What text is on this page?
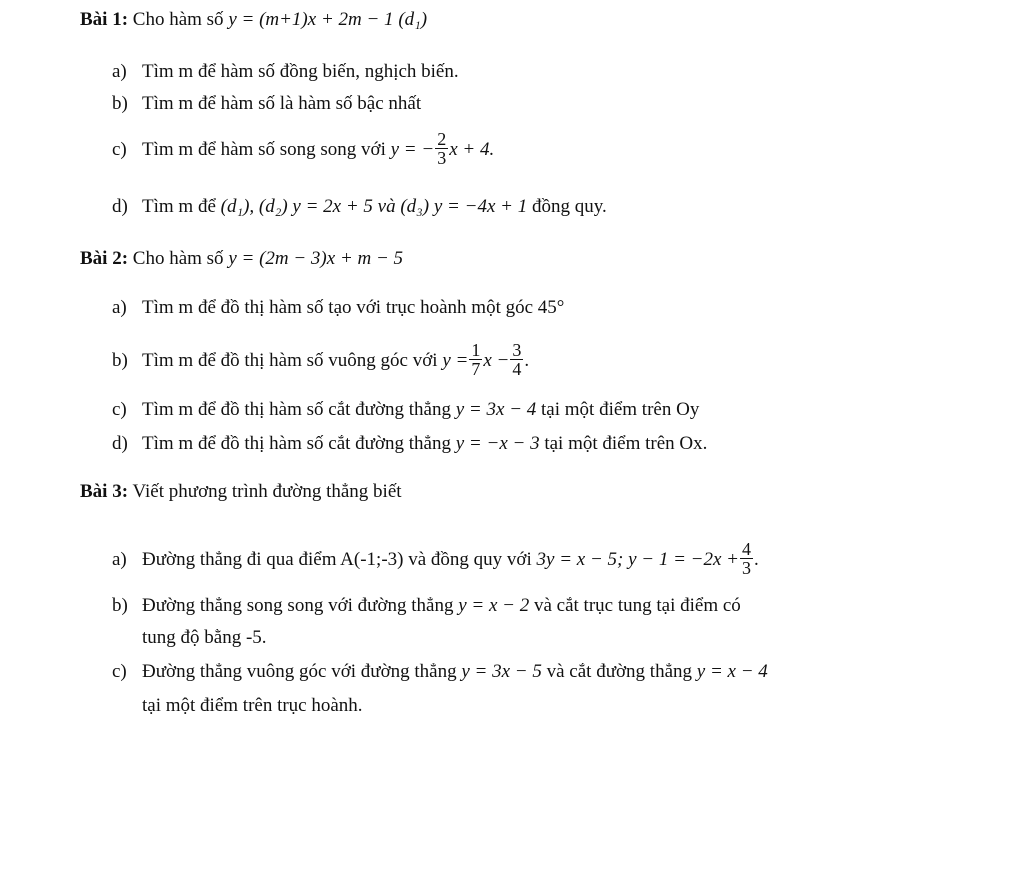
Bài 1: Cho hàm số y = (m+1)x + 2m − 1 (d₁)
a) Tìm m để hàm số đồng biến, nghịch biến.
b) Tìm m để hàm số là hàm số bậc nhất
c) Tìm m để hàm số song song với y = − $\frac{2}{3}$ x + 4.
d) Tìm m để (d₁), (d₂) y = 2x + 5 và (d₃) y = −4x + 1 đồng quy.
Bài 2: Cho hàm số y = (2m − 3)x + m − 5
a) Tìm m để đồ thị hàm số tạo với trục hoành một góc 45°
b) Tìm m để đồ thị hàm số vuông góc với $y = \frac{1}{7}$ $x - \frac{3}{4}$ .
c) Tìm m để đồ thị hàm số cắt đường thẳng y = 3x − 4 tại một điểm trên Oy
d) Tìm m để đồ thị hàm số cắt đường thẳng y = −x − 3 tại một điểm trên Ox.
Bài 3: Viết phương trình đường thẳng biết
a) Đường thẳng đi qua điểm A(-1;-3) và đồng quy với 3y = x − 5; $y - 1 = -2x + \frac{4}{3}$ .
b) Đường thẳng song song với đường thẳng y = x − 2 và cắt trục tung tại điểm có
tung độ bằng -5.
c) Đường thẳng vuông góc với đường thẳng y = 3x − 5 và cắt đường thẳng y = x − 4
tại một điểm trên trục hoành.
